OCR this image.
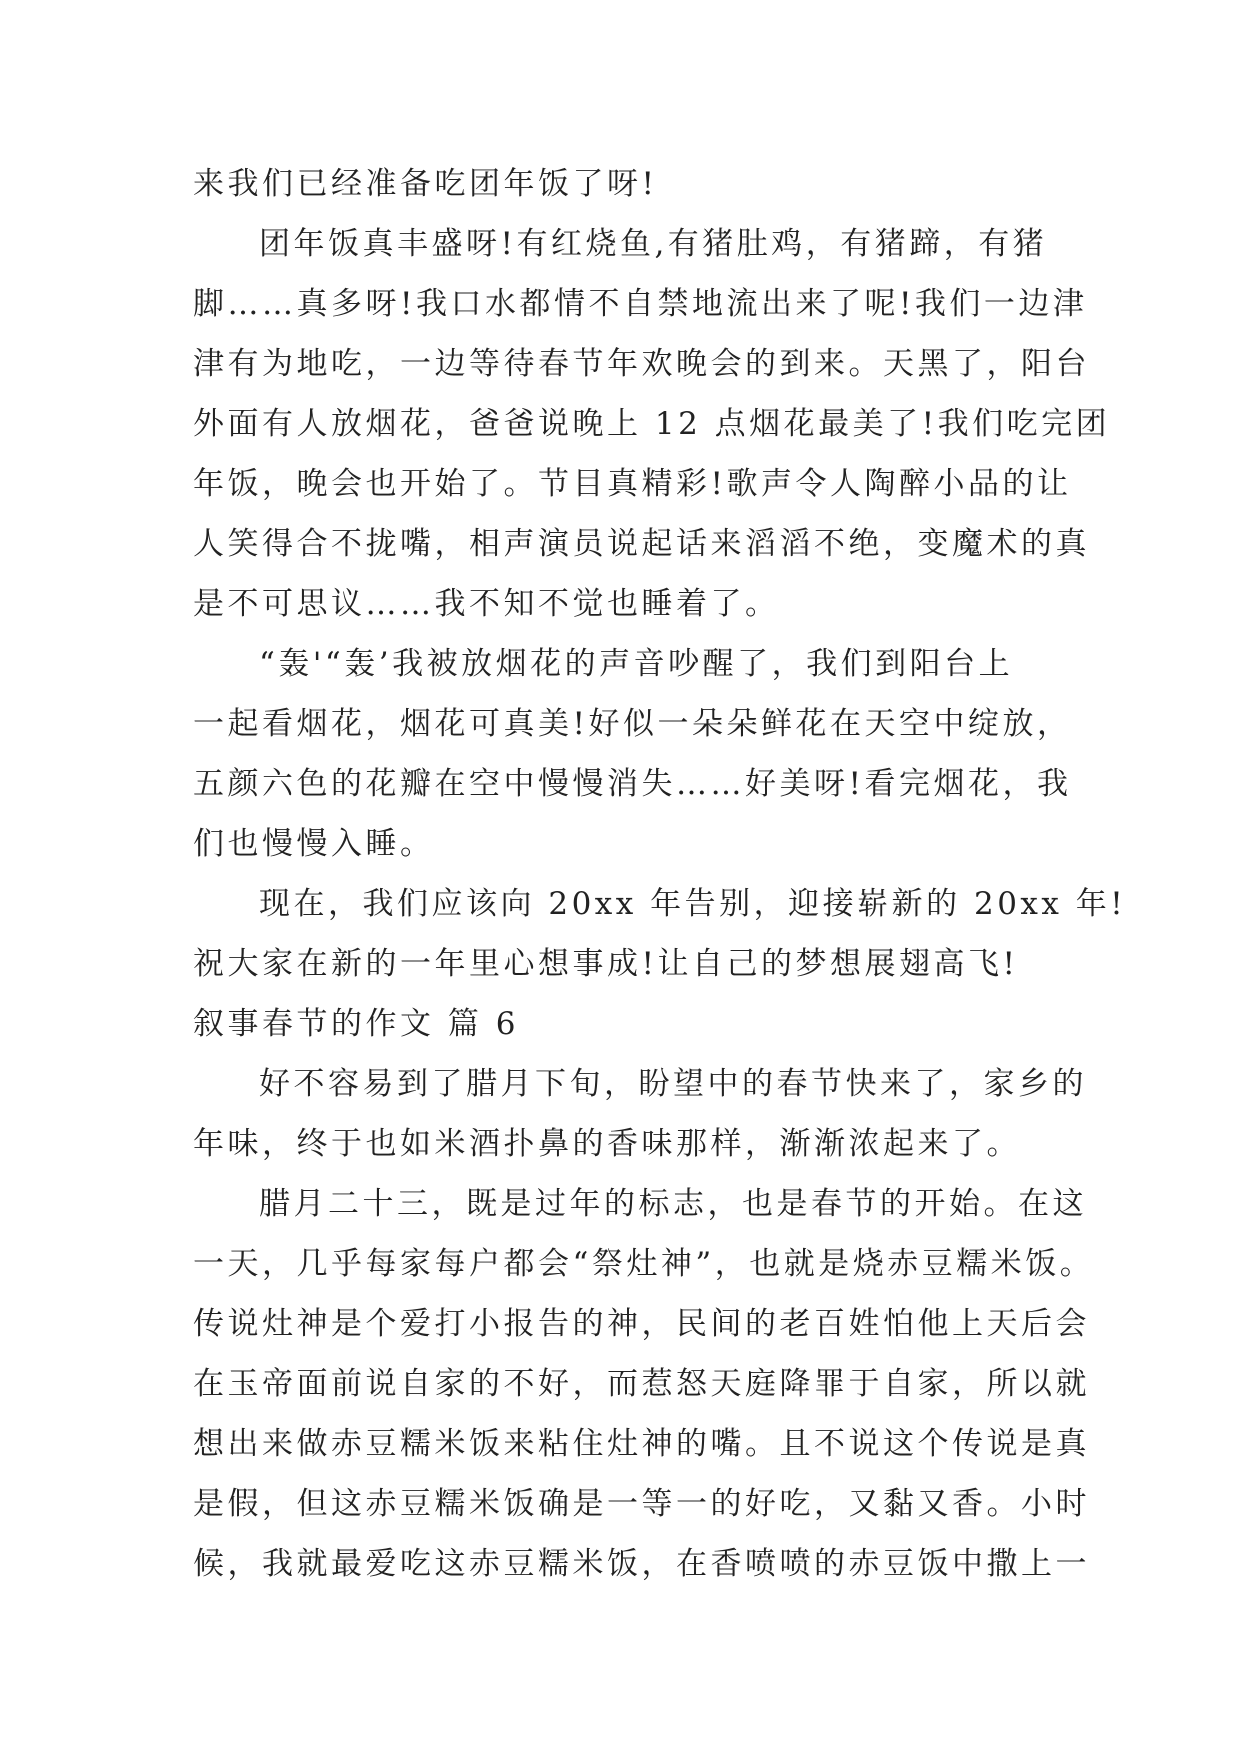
来我们已经准备吃团年饭了呀!
团年饭真丰盛呀!有红烧鱼,有猪肚鸡，有猪蹄，有猪
脚……真多呀!我口水都情不自禁地流出来了呢!我们一边津
津有为地吃，一边等待春节年欢晚会的到来。天黑了，阳台
外面有人放烟花，爸爸说晚上 12 点烟花最美了!我们吃完团
年饭，晚会也开始了。节目真精彩!歌声令人陶醉小品的让
人笑得合不拢嘴，相声演员说起话来滔滔不绝，变魔术的真
是不可思议……我不知不觉也睡着了。
“轰'“轰’我被放烟花的声音吵醒了，我们到阳台上
一起看烟花，烟花可真美!好似一朵朵鲜花在天空中绽放，
五颜六色的花瓣在空中慢慢消失……好美呀!看完烟花，我
们也慢慢入睡。
现在，我们应该向 20xx 年告别，迎接崭新的 20xx 年!
祝大家在新的一年里心想事成!让自己的梦想展翅高飞!
叙事春节的作文 篇 6
好不容易到了腊月下旬，盼望中的春节快来了，家乡的
年味，终于也如米酒扑鼻的香味那样，渐渐浓起来了。
腊月二十三，既是过年的标志，也是春节的开始。在这
一天，几乎每家每户都会“祭灶神”，也就是烧赤豆糯米饭。
传说灶神是个爱打小报告的神，民间的老百姓怕他上天后会
在玉帝面前说自家的不好，而惹怒天庭降罪于自家，所以就
想出来做赤豆糯米饭来粘住灶神的嘴。且不说这个传说是真
是假，但这赤豆糯米饭确是一等一的好吃，又黏又香。小时
候，我就最爱吃这赤豆糯米饭，在香喷喷的赤豆饭中撒上一
